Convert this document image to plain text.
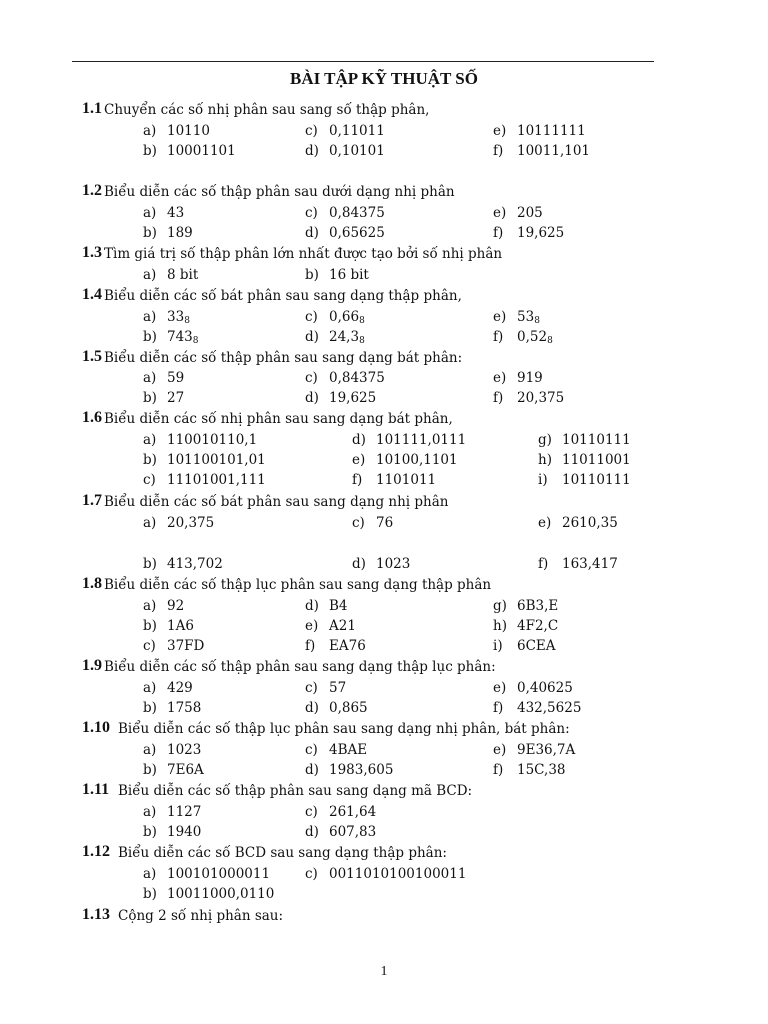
BÀI TẬP KỸ THUẬT SỐ
1.1 Chuyển các số nhị phân sau sang số thập phân,
a) 10110	c) 0,11011	e) 10111111
b) 10001101	d) 0,10101	f) 10011,101
1.2 Biểu diễn các số thập phân sau dưới dạng nhị phân
a) 43	c) 0,84375	e) 205
b) 189	d) 0,65625	f) 19,625
1.3 Tìm giá trị số thập phân lớn nhất được tạo bởi số nhị phân
a) 8 bit	b) 16 bit
1.4 Biểu diễn các số bát phân sau sang dạng thập phân,
a) $33_8$	c) $0,66_8$	e) $53_8$
b) $743_8$	d) $24,3_8$	f) $0,52_8$
1.5 Biểu diễn các số thập phân sau sang dạng bát phân:
a) 59	c) 0,84375	e) 919
b) 27	d) 19,625	f) 20,375
1.6 Biểu diễn các số nhị phân sau sang dạng bát phân,
a) 110010110,1	d) 101111,0111	g) 10110111
b) 101100101,01	e) 10100,1101	h) 11011001
c) 11101001,111	f) 1101011	i) 10110111
1.7 Biểu diễn các số bát phân sau sang dạng nhị phân
a) 20,375	c) 76	e) 2610,35
b) 413,702	d) 1023	f) 163,417
1.8 Biểu diễn các số thập lục phân sau sang dạng thập phân
a) 92	d) B4	g) 6B3,E
b) 1A6	e) A21	h) 4F2,C
c) 37FD	f) EA76	i) 6CEA
1.9 Biểu diễn các số thập phân sau sang dạng thập lục phân:
a) 429	c) 57	e) 0,40625
b) 1758	d) 0,865	f) 432,5625
1.10 Biểu diễn các số thập lục phân sau sang dạng nhị phân, bát phân:
a) 1023	c) 4BAE	e) 9E36,7A
b) 7E6A	d) 1983,605	f) 15C,38
1.11 Biểu diễn các số thập phân sau sang dạng mã BCD:
a) 1127	c) 261,64
b) 1940	d) 607,83
1.12 Biểu diễn các số BCD sau sang dạng thập phân:
a) 100101000011	c) 0011010100100011
b) 10011000,0110
1.13 Cộng 2 số nhị phân sau:
1
